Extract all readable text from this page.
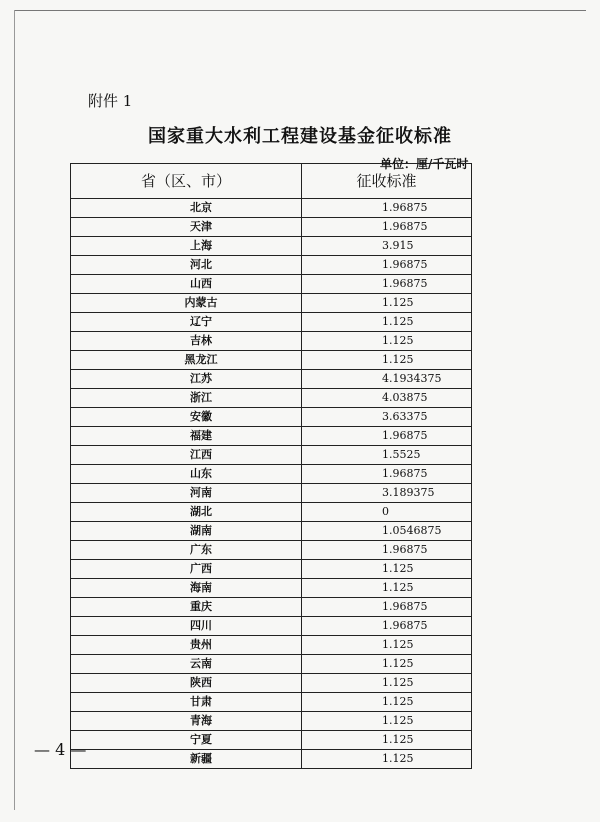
附件 1
国家重大水利工程建设基金征收标准
单位：厘/千瓦时
省（区、市）	征收标准
北京	1.96875
天津	1.96875
上海	3.915
河北	1.96875
山西	1.96875
内蒙古	1.125
辽宁	1.125
吉林	1.125
黑龙江	1.125
江苏	4.1934375
浙江	4.03875
安徽	3.63375
福建	1.96875
江西	1.5525
山东	1.96875
河南	3.189375
湖北	0
湖南	1.0546875
广东	1.96875
广西	1.125
海南	1.125
重庆	1.96875
四川	1.96875
贵州	1.125
云南	1.125
陕西	1.125
甘肃	1.125
青海	1.125
宁夏	1.125
新疆	1.125
— 4 —
